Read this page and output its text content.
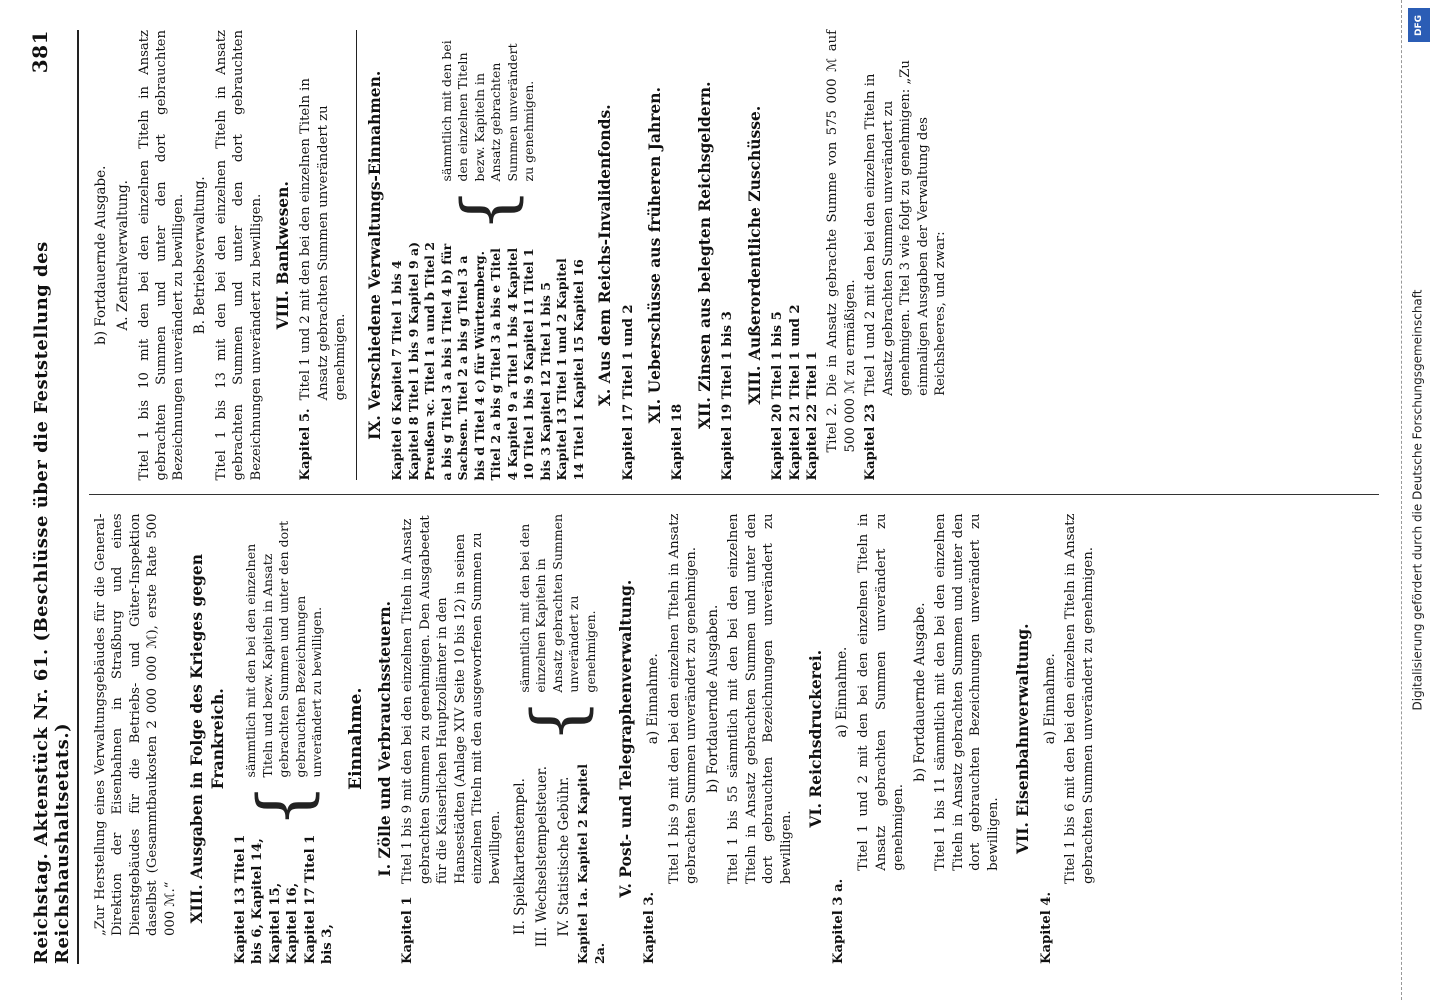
Reichstag. Aktenstück Nr. 61. (Beschlüsse über die Feststellung des Reichshaushaltsetats.)
381
„Zur Herstellung eines Verwaltungsgebäudes für die General-Direktion der Eisenbahnen in Straßburg und eines Dienstgebäudes für die Betriebs- und Güter-Inspektion daselbst (Gesammtbaukosten 2 000 000 ℳ), erste Rate 500 000 ℳ.“ XIII. Ausgaben in Folge des Krieges gegen Frankreich.
Kapitel 13 Titel 1 bis 6, Kapitel 14, Kapitel 15, Kapitel 16, Kapitel 17 Titel 1 bis 3,
{
sämmtlich mit den bei den einzelnen Titeln und bezw. Kapiteln in Ansatz gebrachten Summen und unter den dort gebrauchten Bezeichnungen unverändert zu bewilligen. Einnahme. I. Zölle und Verbrauchssteuern.
Kapitel 1
Titel 1 bis 9 mit den bei den einzelnen Titeln in Ansatz gebrachten Summen zu genehmigen. Den Ausgabeetat für die Kaiserlichen Hauptzollämter in den Hansestädten (Anlage XIV Seite 10 bis 12) in seinen einzelnen Titeln mit den ausgeworfenen Summen zu bewilligen. II. Spielkartenstempel. III. Wechselstempelsteuer. IV. Statistische Gebühr. Kapitel 1a. Kapitel 2 Kapitel 2a.
{
sämmtlich mit den bei den einzelnen Kapiteln in Ansatz gebrachten Summen unverändert zu genehmigen. V. Post- und Telegraphenverwaltung.
Kapitel 3.
a) Einnahme. Titel 1 bis 9 mit den bei den einzelnen Titeln in Ansatz gebrachten Summen unverändert zu genehmigen. b) Fortdauernde Ausgaben. Titel 1 bis 55 sämmtlich mit den bei den einzelnen Titeln in Ansatz gebrachten Summen und unter den dort gebrauchten Bezeichnungen unverändert zu bewilligen.
VI. Reichsdruckerei.
Kapitel 3 a.
a) Einnahme. Titel 1 und 2 mit den bei den einzelnen Titeln in Ansatz gebrachten Summen unverändert zu genehmigen.
b) Fortdauernde Ausgabe. Titel 1 bis 11 sämmtlich mit den bei den einzelnen Titeln in Ansatz gebrachten Summen und unter den dort gebrauchten Bezeichnungen unverändert zu bewilligen. VII. Eisenbahnverwaltung.
Kapitel 4.
a) Einnahme. Titel 1 bis 6 mit den bei den einzelnen Titeln in Ansatz gebrachten Summen unverändert zu genehmigen.
b) Fortdauernde Ausgabe. A. Zentralverwaltung. Titel 1 bis 10 mit den bei den einzelnen Titeln in Ansatz gebrachten Summen und unter den dort gebrauchten Bezeichnungen unverändert zu bewilligen. B. Betriebsverwaltung. Titel 1 bis 13 mit den bei den einzelnen Titeln in Ansatz gebrachten Summen und unter den dort gebrauchten Bezeichnungen unverändert zu bewilligen. VIII. Bankwesen.
Kapitel 5.
Titel 1 und 2 mit den bei den einzelnen Titeln in Ansatz gebrachten Summen unverändert zu genehmigen. IX. Verschiedene Verwaltungs-Einnahmen. Kapitel 6 Kapitel 7 Titel 1 bis 4 Kapitel 8 Titel 1 bis 9 Kapitel 9 a) Preußen ꝛc. Titel 1 a und b Titel 2 a bis g Titel 3 a bis i Titel 4 b) für Sachsen. Titel 2 a bis g Titel 3 a bis d Titel 4 c) für Württemberg. Titel 2 a bis g Titel 3 a bis e Titel 4 Kapitel 9 a Titel 1 bis 4 Kapitel 10 Titel 1 bis 9 Kapitel 11 Titel 1 bis 3 Kapitel 12 Titel 1 bis 5 Kapitel 13 Titel 1 und 2 Kapitel 14 Titel 1 Kapitel 15 Kapitel 16
{
sämmtlich mit den bei den einzelnen Titeln bezw. Kapiteln in Ansatz gebrachten Summen unverändert zu genehmigen.	X. Aus dem Reichs-Invalidenfonds. Kapitel 17 Titel 1 und 2 XI. Ueberschüsse aus früheren Jahren.
Kapitel 18
XII. Zinsen aus belegten Reichsgeldern. Kapitel 19 Titel 1 bis 3 XIII. Außerordentliche Zuschüsse. Kapitel 20 Titel 1 bis 5 Kapitel 21 Titel 1 und 2 Kapitel 22 Titel 1 Titel 2. Die in Ansatz gebrachte Summe von 575 000 ℳ auf 500 000 ℳ zu ermäßigen. Kapitel 23
Titel 1 und 2 mit den bei den einzelnen Titeln in Ansatz gebrachten Summen unverändert zu genehmigen. Titel 3 wie folgt zu genehmigen: „Zu einmaligen Ausgaben der Verwaltung des Reichsheeres, und zwar:	Digitalisierung gefördert durch die Deutsche Forschungsgemeinschaft
DFG
